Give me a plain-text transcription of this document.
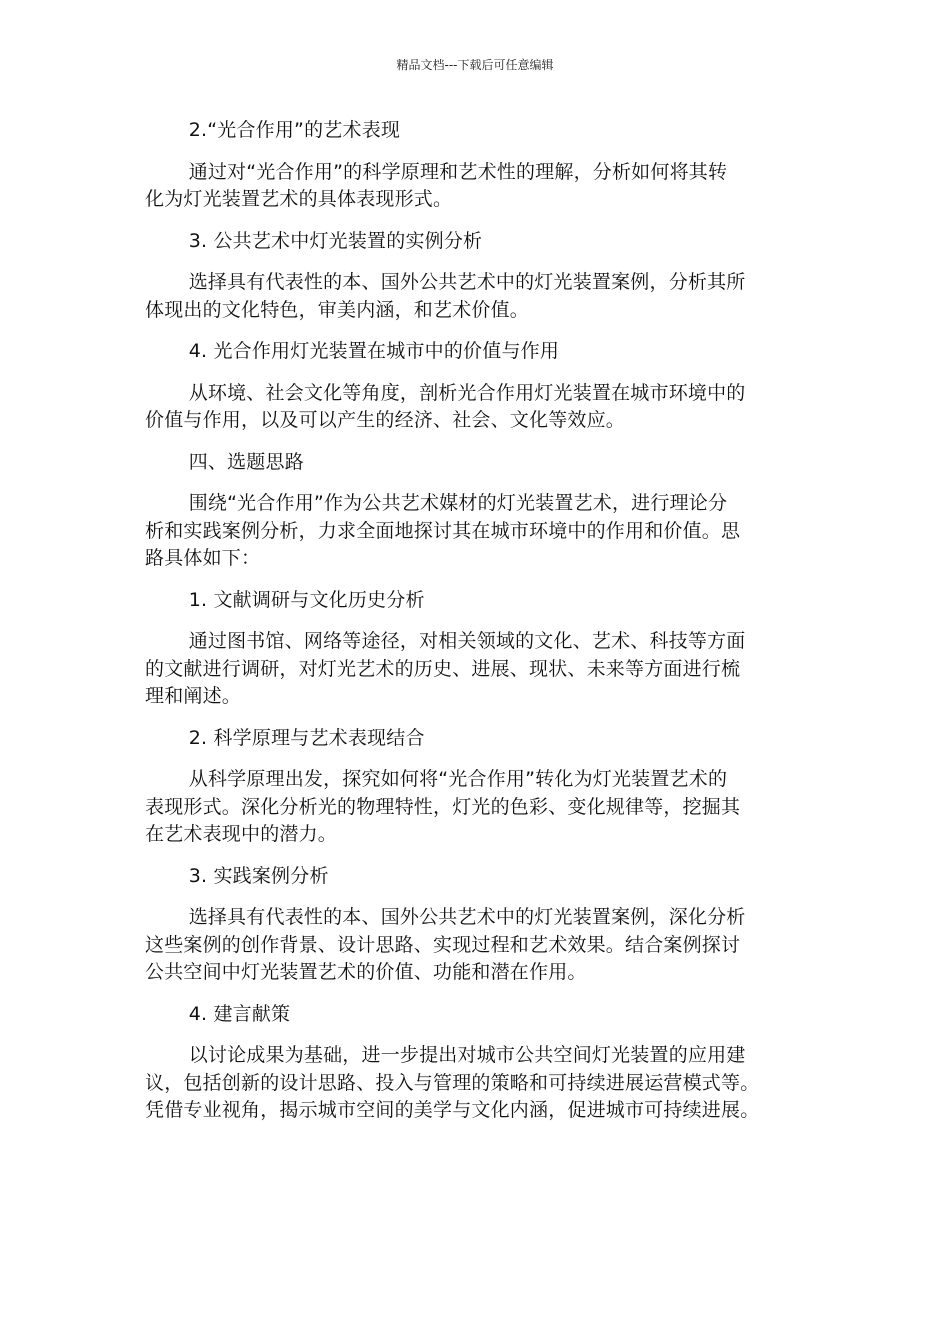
精品文档---下载后可任意编辑

2.“光合作用”的艺术表现

通过对“光合作用”的科学原理和艺术性的理解，分析如何将其转
化为灯光装置艺术的具体表现形式。

3. 公共艺术中灯光装置的实例分析

选择具有代表性的本、国外公共艺术中的灯光装置案例，分析其所
体现出的文化特色，审美内涵，和艺术价值。

4. 光合作用灯光装置在城市中的价值与作用

从环境、社会文化等角度，剖析光合作用灯光装置在城市环境中的
价值与作用，以及可以产生的经济、社会、文化等效应。

四、选题思路

围绕“光合作用”作为公共艺术媒材的灯光装置艺术，进行理论分
析和实践案例分析，力求全面地探讨其在城市环境中的作用和价值。思
路具体如下：

1. 文献调研与文化历史分析

通过图书馆、网络等途径，对相关领域的文化、艺术、科技等方面
的文献进行调研，对灯光艺术的历史、进展、现状、未来等方面进行梳
理和阐述。

2. 科学原理与艺术表现结合

从科学原理出发，探究如何将“光合作用”转化为灯光装置艺术的
表现形式。深化分析光的物理特性，灯光的色彩、变化规律等，挖掘其
在艺术表现中的潜力。

3. 实践案例分析

选择具有代表性的本、国外公共艺术中的灯光装置案例，深化分析
这些案例的创作背景、设计思路、实现过程和艺术效果。结合案例探讨
公共空间中灯光装置艺术的价值、功能和潜在作用。

4. 建言献策

以讨论成果为基础，进一步提出对城市公共空间灯光装置的应用建
议，包括创新的设计思路、投入与管理的策略和可持续进展运营模式等。
凭借专业视角，揭示城市空间的美学与文化内涵，促进城市可持续进展。
